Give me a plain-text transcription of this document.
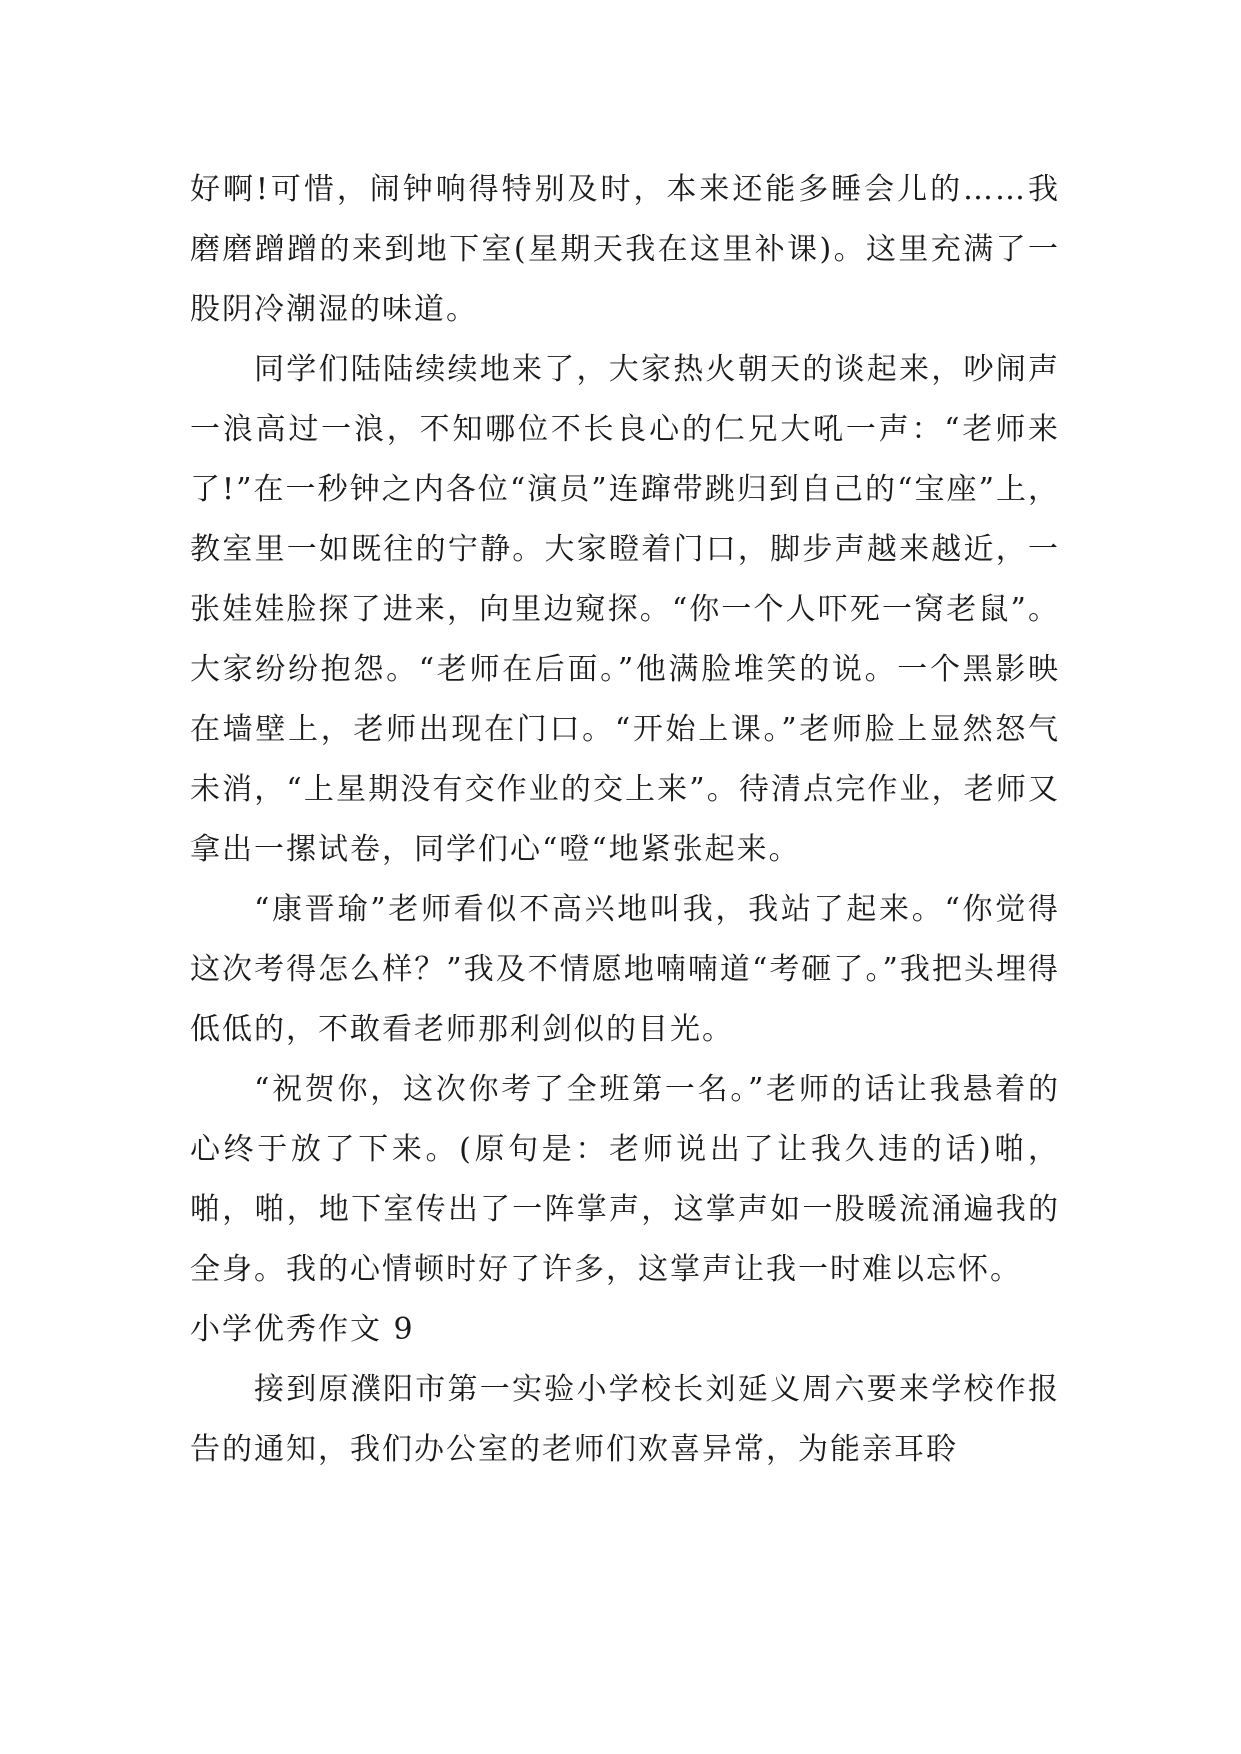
好啊!可惜，闹钟响得特别及时，本来还能多睡会儿的……我磨磨蹭蹭的来到地下室(星期天我在这里补课)。这里充满了一股阴冷潮湿的味道。

同学们陆陆续续地来了，大家热火朝天的谈起来，吵闹声一浪高过一浪，不知哪位不长良心的仁兄大吼一声：“老师来了!”在一秒钟之内各位“演员”连蹿带跳归到自己的“宝座”上，教室里一如既往的宁静。大家瞪着门口，脚步声越来越近，一张娃娃脸探了进来，向里边窥探。“你一个人吓死一窝老鼠”。大家纷纷抱怨。“老师在后面。”他满脸堆笑的说。一个黑影映在墙壁上，老师出现在门口。“开始上课。”老师脸上显然怒气未消，“上星期没有交作业的交上来”。待清点完作业，老师又拿出一摞试卷，同学们心“噔“地紧张起来。

“康晋瑜”老师看似不高兴地叫我，我站了起来。“你觉得这次考得怎么样？”我及不情愿地喃喃道“考砸了。”我把头埋得低低的，不敢看老师那利剑似的目光。

“祝贺你，这次你考了全班第一名。”老师的话让我悬着的心终于放了下来。(原句是：老师说出了让我久违的话)啪，啪，啪，地下室传出了一阵掌声，这掌声如一股暖流涌遍我的全身。我的心情顿时好了许多，这掌声让我一时难以忘怀。

小学优秀作文 9

接到原濮阳市第一实验小学校长刘延义周六要来学校作报告的通知，我们办公室的老师们欢喜异常，为能亲耳聆
